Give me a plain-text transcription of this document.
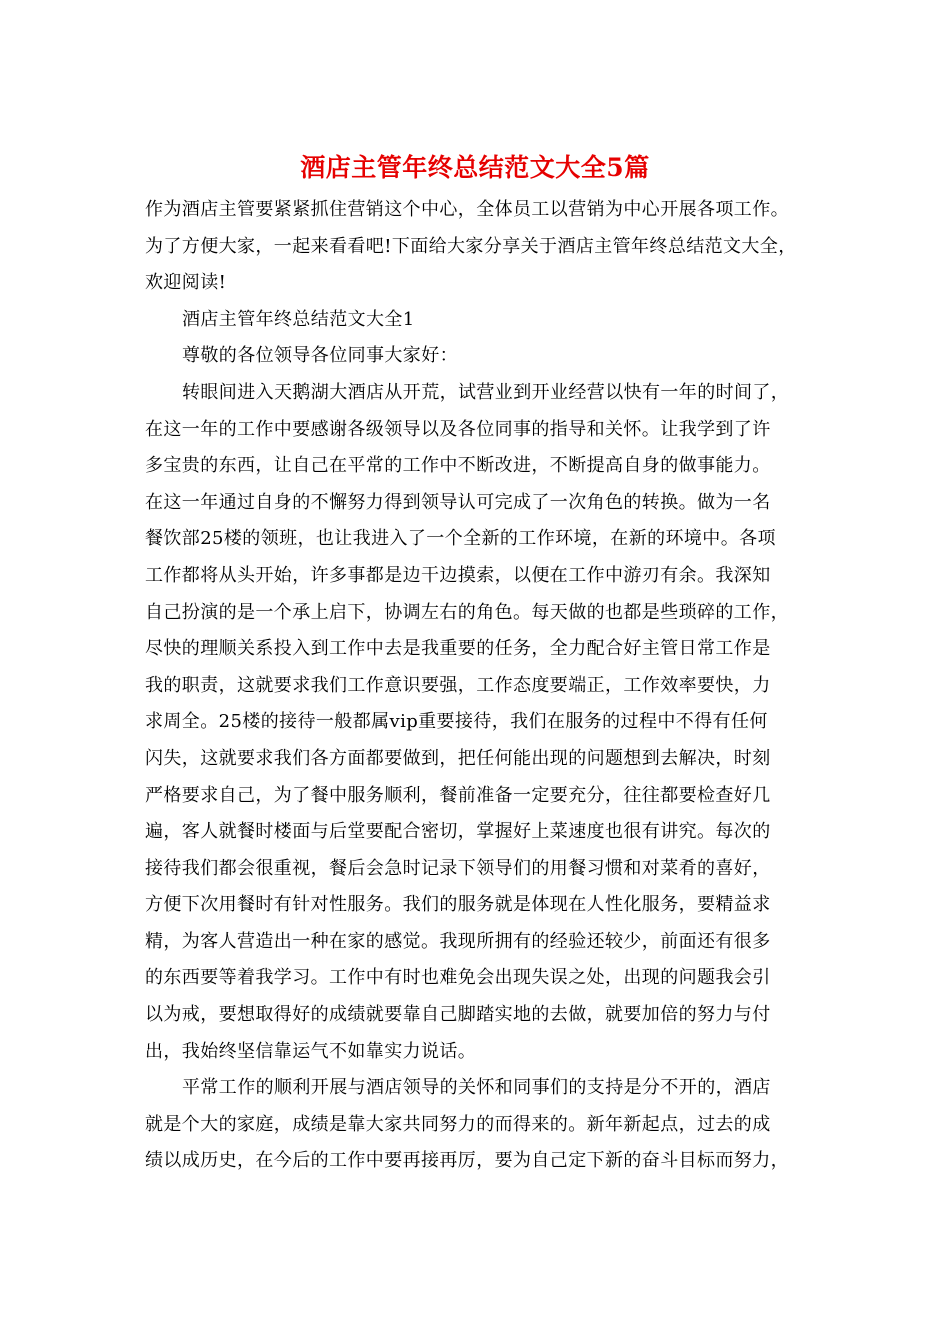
酒店主管年终总结范文大全5篇
作为酒店主管要紧紧抓住营销这个中心，全体员工以营销为中心开展各项工作。
为了方便大家，一起来看看吧!下面给大家分享关于酒店主管年终总结范文大全，
欢迎阅读!
酒店主管年终总结范文大全1
尊敬的各位领导各位同事大家好：
转眼间进入天鹅湖大酒店从开荒，试营业到开业经营以快有一年的时间了，
在这一年的工作中要感谢各级领导以及各位同事的指导和关怀。让我学到了许
多宝贵的东西，让自己在平常的工作中不断改进，不断提高自身的做事能力。
在这一年通过自身的不懈努力得到领导认可完成了一次角色的转换。做为一名
餐饮部25楼的领班，也让我进入了一个全新的工作环境，在新的环境中。各项
工作都将从头开始，许多事都是边干边摸索，以便在工作中游刃有余。我深知
自己扮演的是一个承上启下，协调左右的角色。每天做的也都是些琐碎的工作，
尽快的理顺关系投入到工作中去是我重要的任务，全力配合好主管日常工作是
我的职责，这就要求我们工作意识要强，工作态度要端正，工作效率要快，力
求周全。25楼的接待一般都属vip重要接待，我们在服务的过程中不得有任何
闪失，这就要求我们各方面都要做到，把任何能出现的问题想到去解决，时刻
严格要求自己，为了餐中服务顺利，餐前准备一定要充分，往往都要检查好几
遍，客人就餐时楼面与后堂要配合密切，掌握好上菜速度也很有讲究。每次的
接待我们都会很重视，餐后会急时记录下领导们的用餐习惯和对菜肴的喜好，
方便下次用餐时有针对性服务。我们的服务就是体现在人性化服务，要精益求
精，为客人营造出一种在家的感觉。我现所拥有的经验还较少，前面还有很多
的东西要等着我学习。工作中有时也难免会出现失误之处，出现的问题我会引
以为戒，要想取得好的成绩就要靠自己脚踏实地的去做，就要加倍的努力与付
出，我始终坚信靠运气不如靠实力说话。
平常工作的顺利开展与酒店领导的关怀和同事们的支持是分不开的，酒店
就是个大的家庭，成绩是靠大家共同努力的而得来的。新年新起点，过去的成
绩以成历史，在今后的工作中要再接再厉，要为自己定下新的奋斗目标而努力，
